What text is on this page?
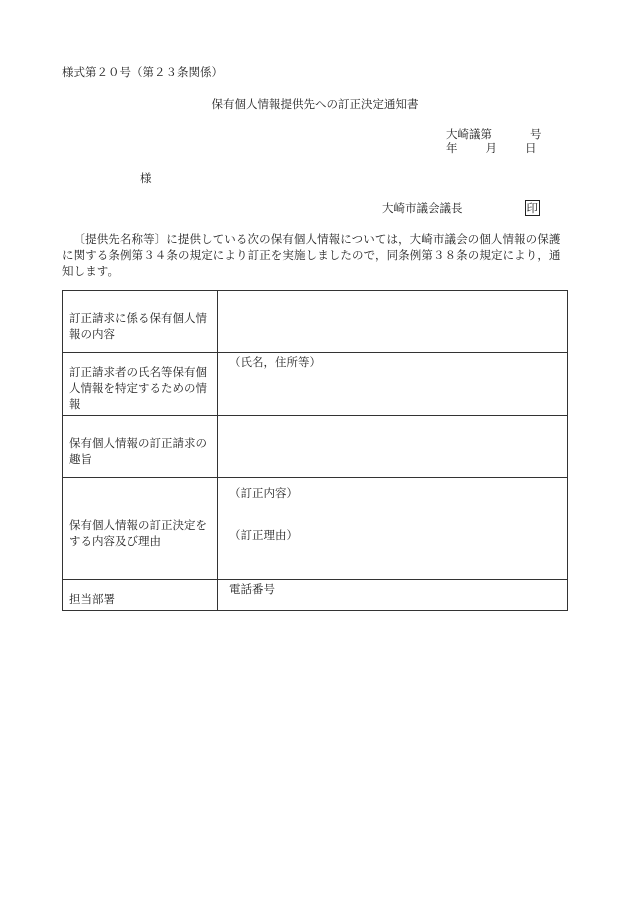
様式第２０号（第２３条関係）
保有個人情報提供先への訂正決定通知書
大崎議第	号
年 月 日
様
大崎市議会議長	印
〔提供先名称等〕に提供している次の保有個人情報については，大崎市議会の個人情報の保護に関する条例第３４条の規定により訂正を実施しましたので，同条例第３８条の規定により，通知します。
訂正請求に係る保有個人情報の内容	
訂正請求者の氏名等保有個人情報を特定するための情報	（氏名，住所等）
保有個人情報の訂正請求の趣旨	
保有個人情報の訂正決定をする内容及び理由	（訂正内容）
（訂正理由）

担当部署	電話番号
